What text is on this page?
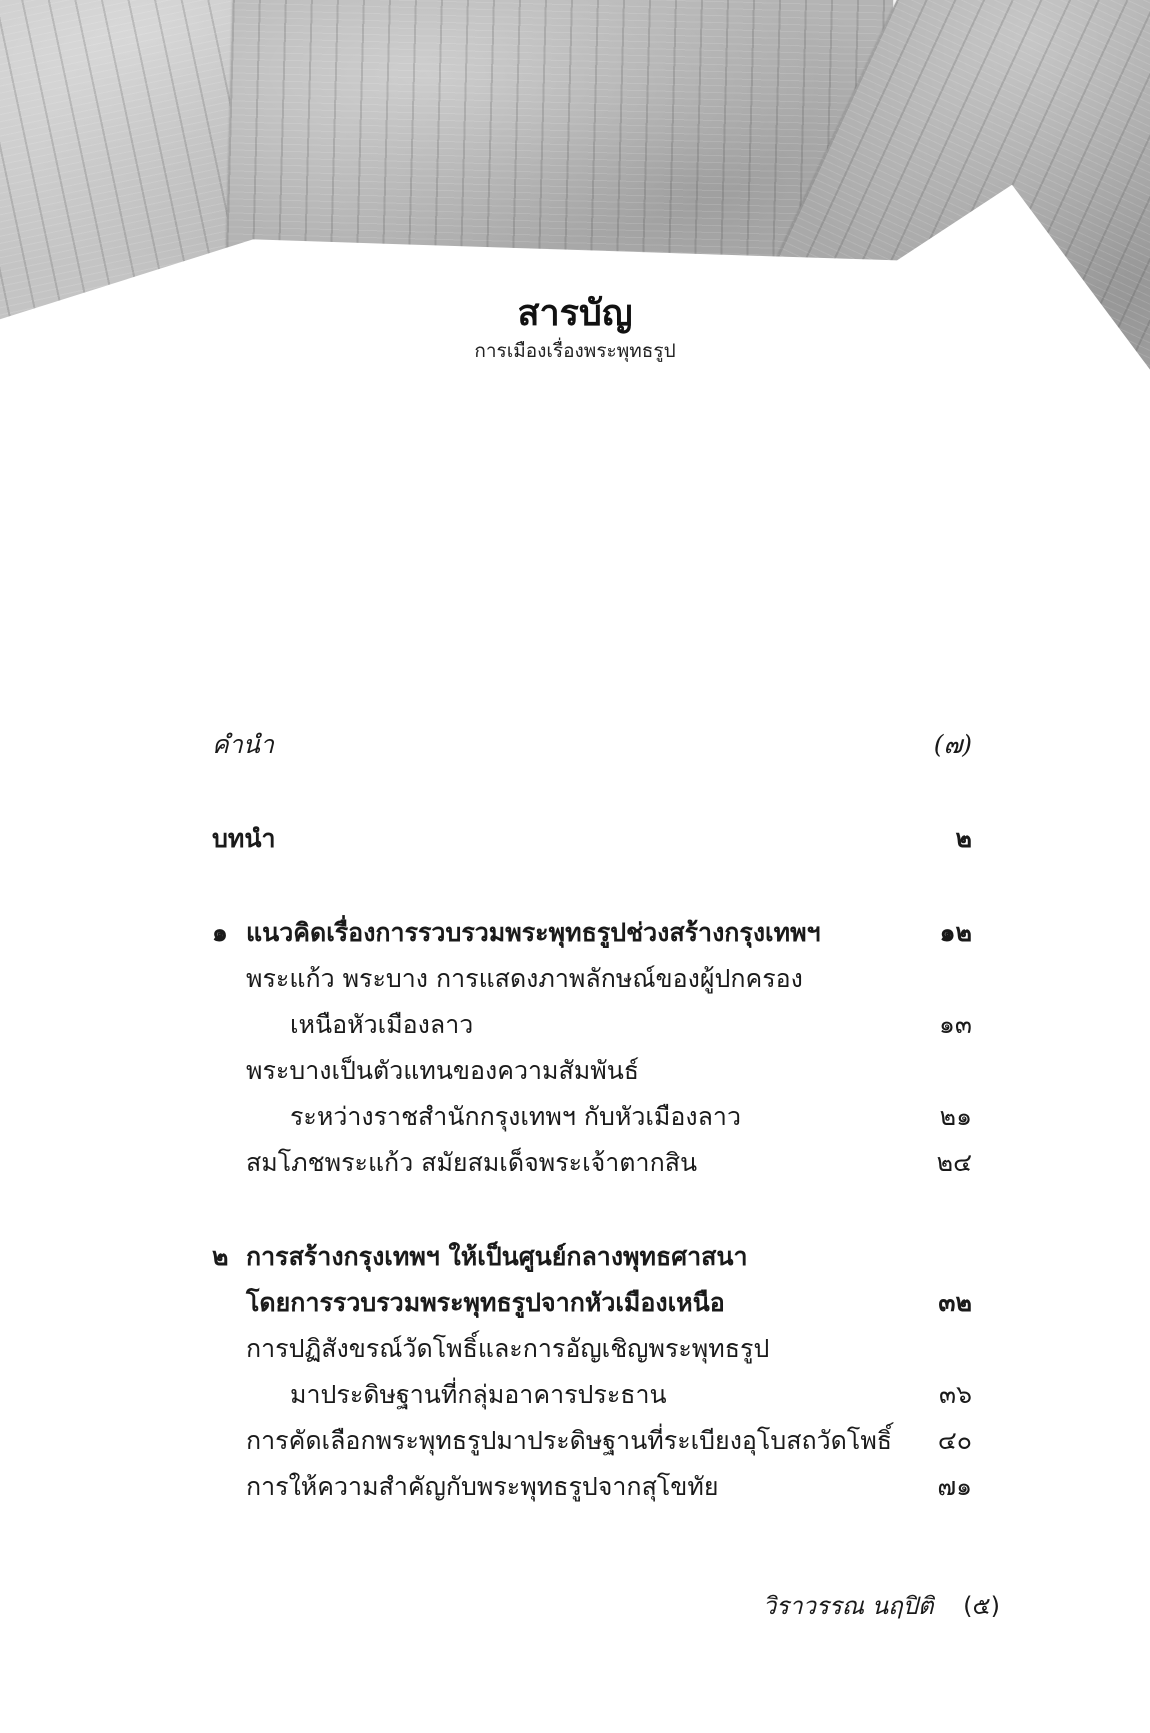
สารบัญ
การเมืองเรื่องพระพุทธรูป
คำนำ	(๗)
บทนำ	๒
๑ แนวคิดเรื่องการรวบรวมพระพุทธรูปช่วงสร้างกรุงเทพฯ	๑๒
พระแก้ว พระบาง การแสดงภาพลักษณ์ของผู้ปกครอง
เหนือหัวเมืองลาว	๑๓
พระบางเป็นตัวแทนของความสัมพันธ์
ระหว่างราชสำนักกรุงเทพฯ กับหัวเมืองลาว	๒๑
สมโภชพระแก้ว สมัยสมเด็จพระเจ้าตากสิน	๒๔
๒ การสร้างกรุงเทพฯ ให้เป็นศูนย์กลางพุทธศาสนา
โดยการรวบรวมพระพุทธรูปจากหัวเมืองเหนือ	๓๒
การปฏิสังขรณ์วัดโพธิ์และการอัญเชิญพระพุทธรูป
มาประดิษฐานที่กลุ่มอาคารประธาน	๓๖
การคัดเลือกพระพุทธรูปมาประดิษฐานที่ระเบียงอุโบสถวัดโพธิ์ ๔๐
การให้ความสำคัญกับพระพุทธรูปจากสุโขทัย	๗๑
วิราวรรณ นฤปิติ (๕)
